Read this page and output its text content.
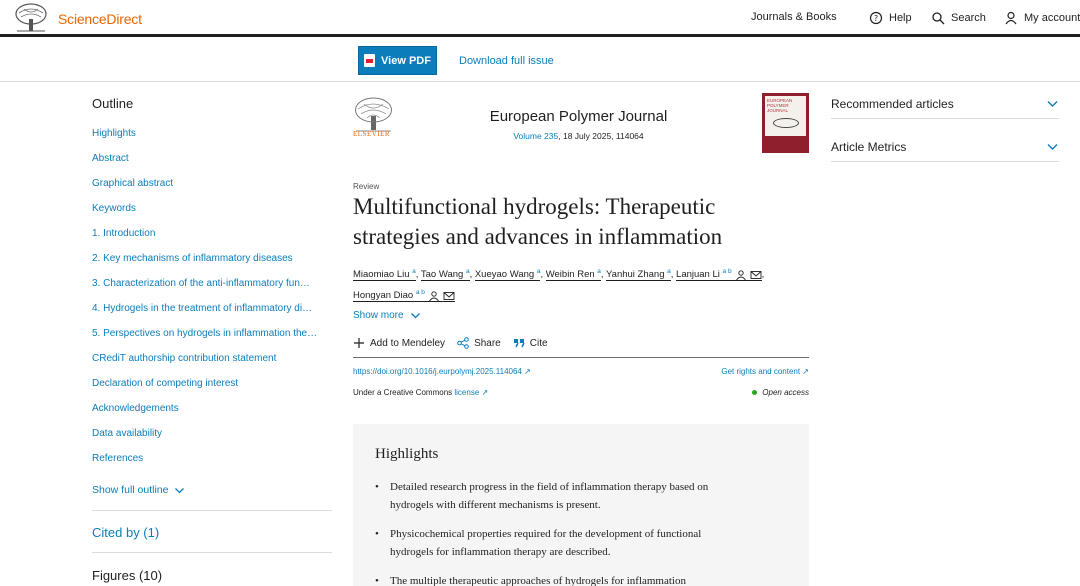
ScienceDirect	Journals & Books	? Help	Search	My account
View PDF	Download full issue
Outline
Highlights
Abstract
Graphical abstract
Keywords
1. Introduction
2. Key mechanisms of inflammatory diseases
3. Characterization of the anti-inflammatory fun…
4. Hydrogels in the treatment of inflammatory di…
5. Perspectives on hydrogels in inflammation the…
CRediT authorship contribution statement
Declaration of competing interest
Acknowledgements
Data availability
References
Show full outline
Cited by (1)
Figures (10)
ELSEVIER
European Polymer Journal
Volume 235, 18 July 2025, 114064
EUROPEAN POLYMER JOURNAL
Review
Multifunctional hydrogels: Therapeutic strategies and advances in inflammation
Miaomiao Liu $^a$, Tao Wang $^a$, Xueyao Wang $^a$, Weibin Ren $^a$, Yanhui Zhang $^a$, Lanjuan Li $^{a b}$	, Hongyan Diao $^{a b}$
Show more
Add to Mendeley	Share	Cite
https://doi.org/10.1016/j.eurpolymj.2025.114064 ↗	Get rights and content ↗
Under a Creative Commons license ↗	Open access
Highlights
• Detailed research progress in the field of inflammation therapy based on hydrogels with different mechanisms is present.
• Physicochemical properties required for the development of functional hydrogels for inflammation therapy are described.
• The multiple therapeutic approaches of hydrogels for inflammation
Recommended articles
Article Metrics
